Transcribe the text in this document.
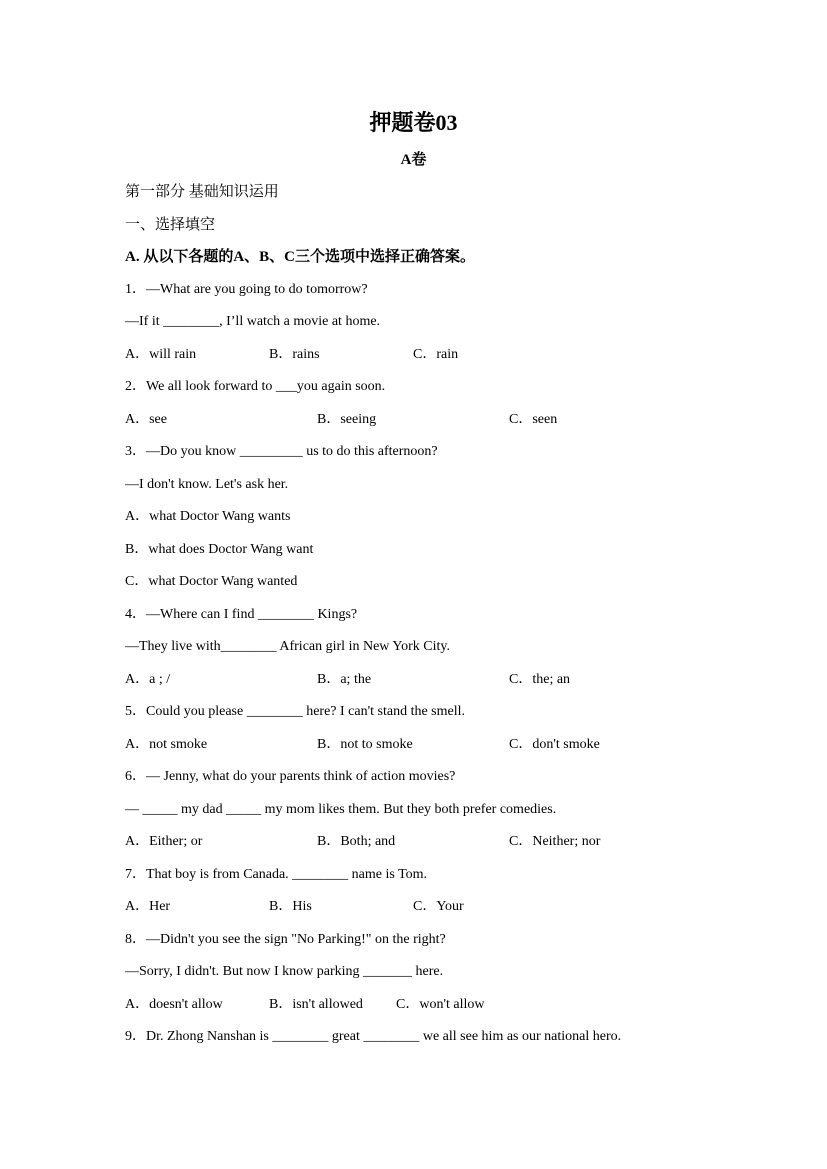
押题卷03
A卷
第一部分 基础知识运用
一、选择填空
A. 从以下各题的A、B、C三个选项中选择正确答案。
1．—What are you going to do tomorrow?
—If it ________, I’ll watch a movie at home.
A．will rain	B．rains	C．rain
2．We all look forward to ___you again soon.
A．see	B．seeing	C．seen
3．—Do you know _________ us to do this afternoon?
—I don't know. Let's ask her.
A．what Doctor Wang wants
B．what does Doctor Wang want
C．what Doctor Wang wanted
4．—Where can I find ________ Kings?
—They live with________ African girl in New York City.
A．a ; /	B．a; the	C．the; an
5．Could you please ________ here? I can't stand the smell.
A．not smoke	B．not to smoke	C．don't smoke
6．— Jenny, what do your parents think of action movies?
— _____ my dad _____ my mom likes them. But they both prefer comedies.
A．Either; or	B．Both; and	C．Neither; nor
7．That boy is from Canada. ________ name is Tom.
A．Her	B．His	C．Your
8．—Didn't you see the sign "No Parking!" on the right?
—Sorry, I didn't. But now I know parking _______ here.
A．doesn't allow	B．isn't allowed C．won't allow
9．Dr. Zhong Nanshan is ________ great ________ we all see him as our national hero.
